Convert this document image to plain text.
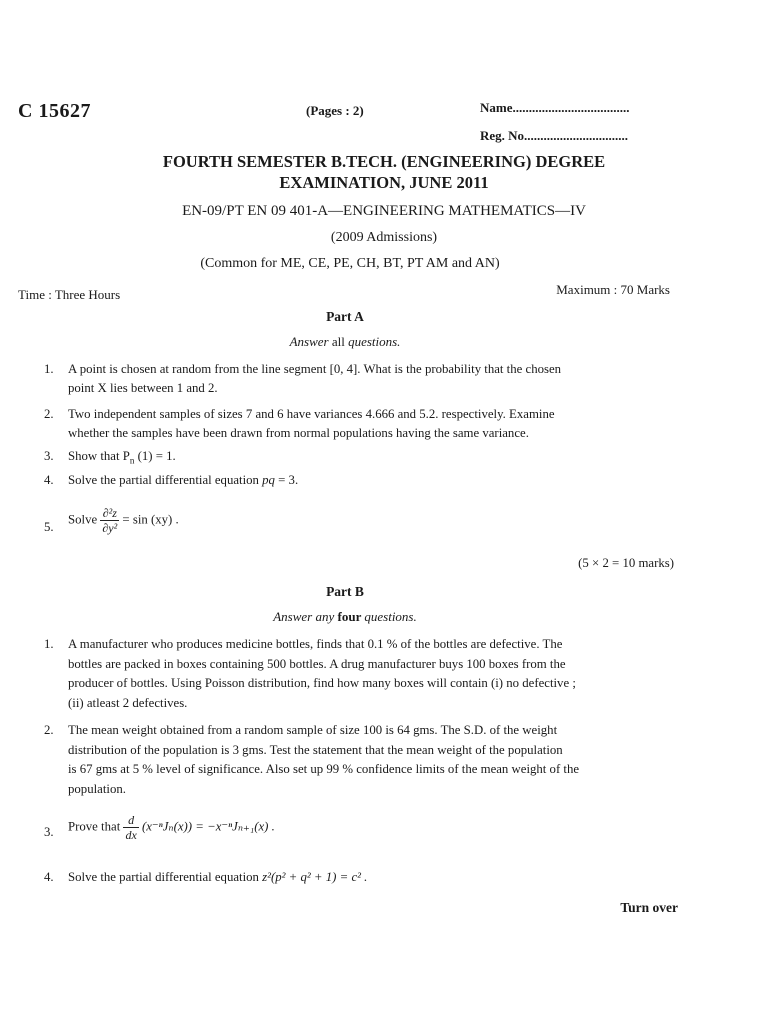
C 15627	(Pages : 2)	Name....................................
Reg. No................................
FOURTH SEMESTER B.TECH. (ENGINEERING) DEGREE
EXAMINATION, JUNE 2011
EN-09/PT EN 09 401-A—ENGINEERING MATHEMATICS—IV
(2009 Admissions)
(Common for ME, CE, PE, CH, BT, PT AM and AN)
Time : Three Hours	Maximum : 70 Marks
Part A
Answer all questions.
1.	A point is chosen at random from the line segment [0, 4]. What is the probability that the chosen
point X lies between 1 and 2.
2.	Two independent samples of sizes 7 and 6 have variances 4.666 and 5.2. respectively. Examine
whether the samples have been drawn from normal populations having the same variance.
3.	Show that $P_n$ (1) = 1.
4.	Solve the partial differential equation pq = 3.
5.
Solve $\frac{\text{∂²z}}{\text{∂y²}} = \sin (xy)$ .
(5 × 2 = 10 marks)
Part B
Answer any four questions.
1.	A manufacturer who produces medicine bottles, finds that 0.1 % of the bottles are defective. The
bottles are packed in boxes containing 500 bottles. A drug manufacturer buys 100 boxes from the
producer of bottles. Using Poisson distribution, find how many boxes will contain (i) no defective ;
(ii) atleast 2 defectives.
2.	The mean weight obtained from a random sample of size 100 is 64 gms. The S.D. of the weight
distribution of the population is 3 gms. Test the statement that the mean weight of the population
is 67 gms at 5 % level of significance. Also set up 99 % confidence limits of the mean weight of the
population.
3.	Prove that $\frac{d}{dx} (x^{-n}J_n(x)) = -x^{-n}J_{n+1}(x)$ .
4.	Solve the partial differential equation z²(p² + q² + 1) = c² .
Turn over
